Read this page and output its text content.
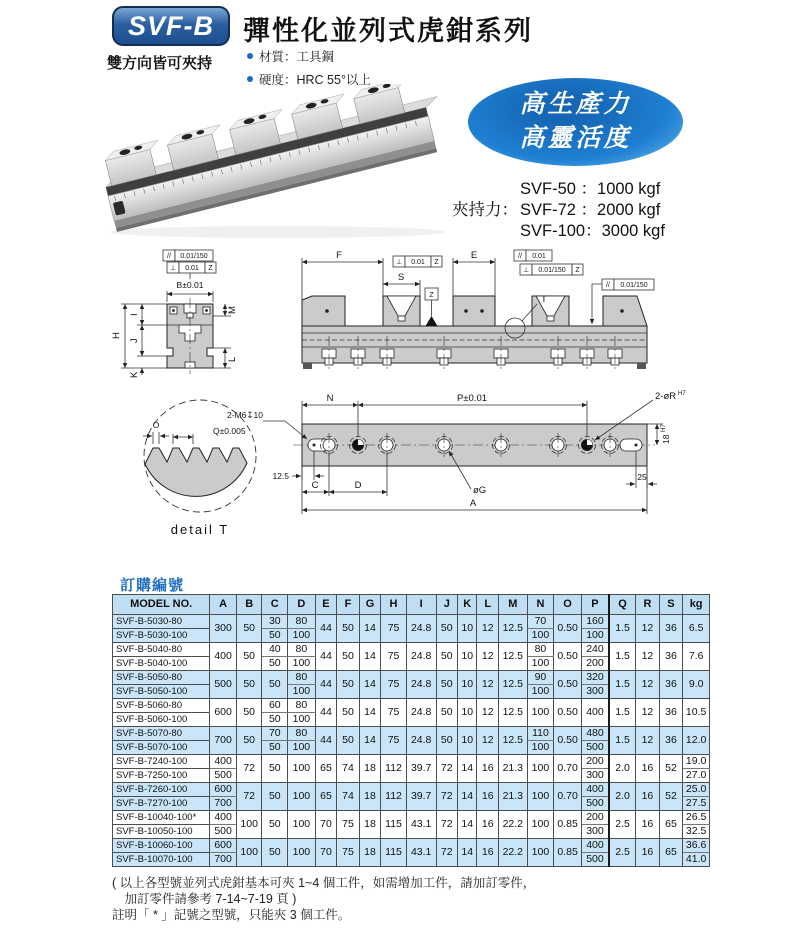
SVF-B
雙方向皆可夾持
彈性化並列式虎鉗系列
材質：工具鋼
硬度：HRC 55°以上
高生產力
高靈活度
SVF-50 ：1000 kgf
夾持力： SVF-72 ：2000 kgf
SVF-100：3000 kgf
// 0.01/150
⊥ 0.01 Z
B±0.01
H
I
J
K
M
L
Z
F
⊥ 0.01 Z
E	// 0.01
⊥ 0.01/150 Z
S
T
// 0.01/150
N	P±0.01	2-øR H7
18
H7
12.5
C	D	øG
25
A
2-M6↧10
O
Q±0.005
detail T
訂購編號
MODEL NO.	A	B	C	D	E	F	G	H	I	J	K	L	M	N	O	P	Q	R	S	kg
SVF-B-5030-80	300	50	30	80	44	50	14	75	24.8	50	10	12	12.5	70	0.50	160	1.5	12	36	6.5
SVF-B-5030-100			50	100										100		100				
SVF-B-5040-80	400	50	40	80	44	50	14	75	24.8	50	10	12	12.5	80	0.50	240	1.5	12	36	7.6
SVF-B-5040-100			50	100										100		200				
SVF-B-5050-80	500	50	50	80	44	50	14	75	24.8	50	10	12	12.5	90	0.50	320	1.5	12	36	9.0
SVF-B-5050-100				100										100		300				
SVF-B-5060-80	600	50	60	80	44	50	14	75	24.8	50	10	12	12.5	100	0.50	400	1.5	12	36	10.5
SVF-B-5060-100			50	100																
SVF-B-5070-80	700	50	70	80	44	50	14	75	24.8	50	10	12	12.5	110	0.50	480	1.5	12	36	12.0
SVF-B-5070-100			50	100										100		500				
SVF-B-7240-100	400	72	50	100	65	74	18	112	39.7	72	14	16	21.3	100	0.70	200	2.0	16	52	19.0
SVF-B-7250-100	500															300				27.0
SVF-B-7260-100	600	72	50	100	65	74	18	112	39.7	72	14	16	21.3	100	0.70	400	2.0	16	52	25.0
SVF-B-7270-100	700															500				27.5
SVF-B-10040-100*	400	100	50	100	70	75	18	115	43.1	72	14	16	22.2	100	0.85	200	2.5	16	65	26.5
SVF-B-10050-100	500															300				32.5
SVF-B-10060-100	600	100	50	100	70	75	18	115	43.1	72	14	16	22.2	100	0.85	400	2.5	16	65	36.6
SVF-B-10070-100	700															500				41.0
( 以上各型號並列式虎鉗基本可夾 1~4 個工件，如需增加工件，請加訂零件，
　加訂零件請參考 7-14~7-19 頁 )
註明「 * 」記號之型號，只能夾 3 個工件。
